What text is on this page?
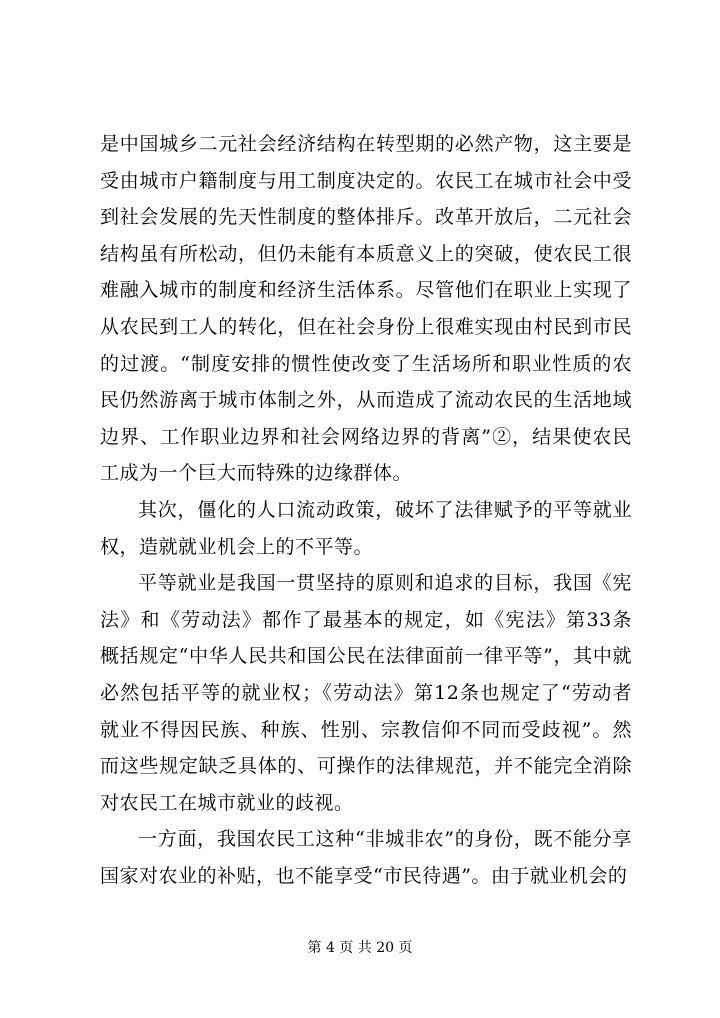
是中国城乡二元社会经济结构在转型期的必然产物，这主要是受由城市户籍制度与用工制度决定的。农民工在城市社会中受到社会发展的先天性制度的整体排斥。改革开放后，二元社会结构虽有所松动，但仍未能有本质意义上的突破，使农民工很难融入城市的制度和经济生活体系。尽管他们在职业上实现了从农民到工人的转化，但在社会身份上很难实现由村民到市民的过渡。“制度安排的惯性使改变了生活场所和职业性质的农民仍然游离于城市体制之外，从而造成了流动农民的生活地域边界、工作职业边界和社会网络边界的背离”②，结果使农民工成为一个巨大而特殊的边缘群体。

其次，僵化的人口流动政策，破坏了法律赋予的平等就业权，造就就业机会上的不平等。

平等就业是我国一贯坚持的原则和追求的目标，我国《宪法》和《劳动法》都作了最基本的规定，如《宪法》第33条概括规定“中华人民共和国公民在法律面前一律平等”，其中就必然包括平等的就业权；《劳动法》第12条也规定了“劳动者就业不得因民族、种族、性别、宗教信仰不同而受歧视”。然而这些规定缺乏具体的、可操作的法律规范，并不能完全消除对农民工在城市就业的歧视。

一方面，我国农民工这种“非城非农”的身份，既不能分享国家对农业的补贴，也不能享受“市民待遇”。由于就业机会的

第 4 页 共 20 页
